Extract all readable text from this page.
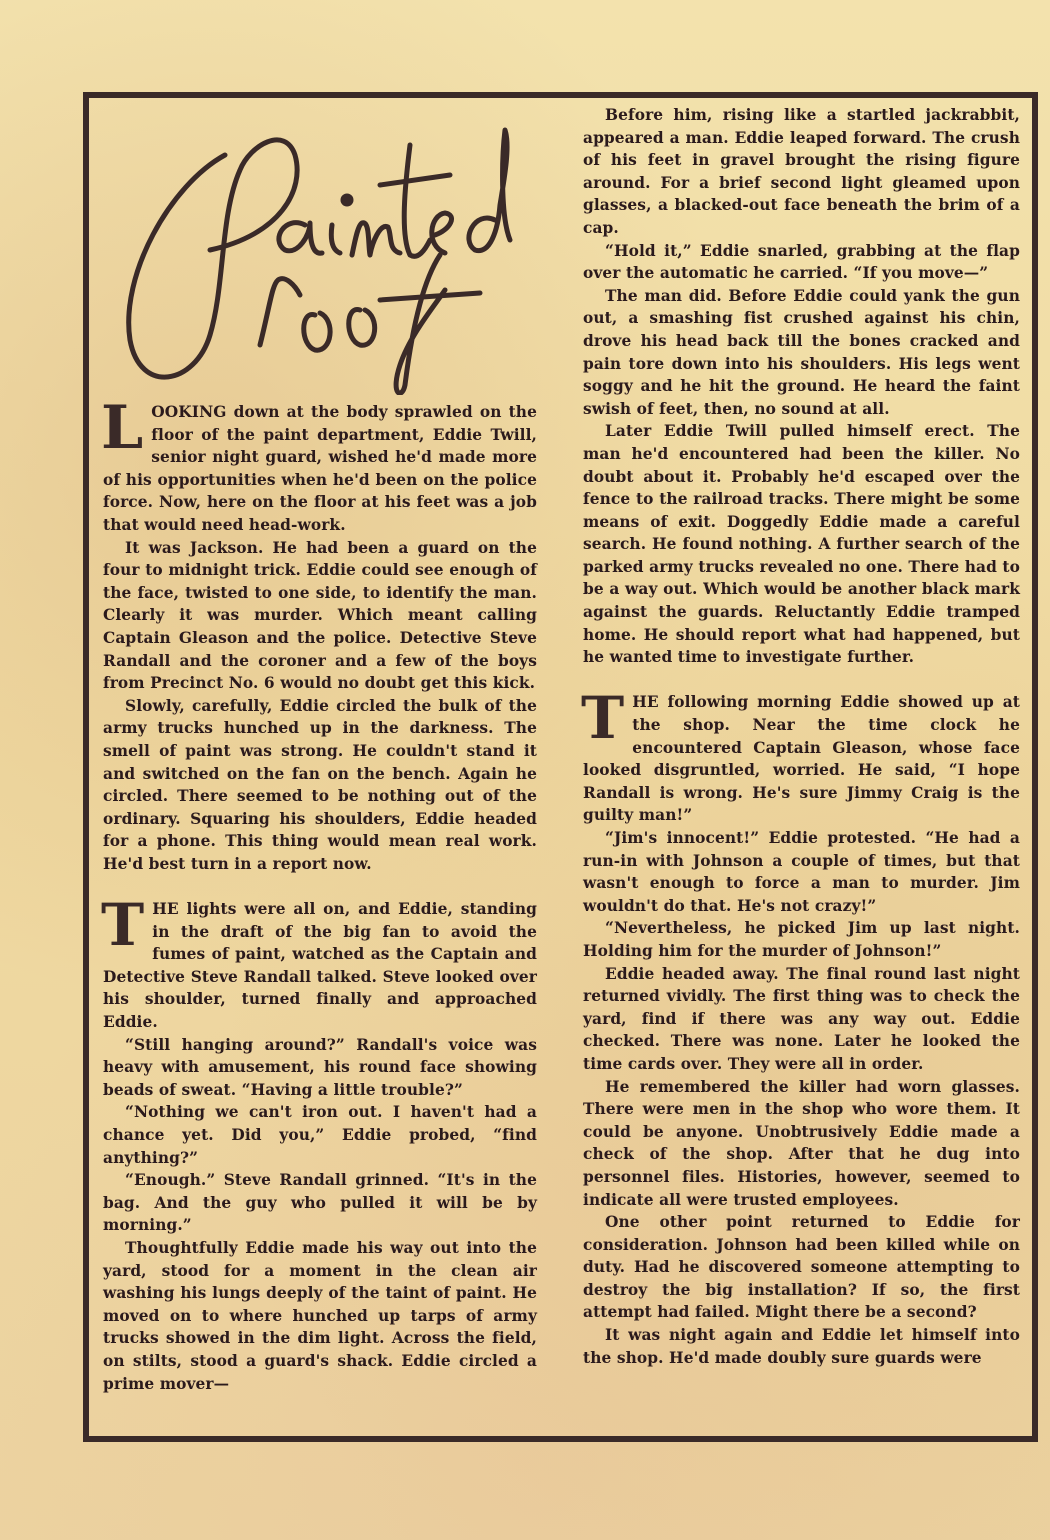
LOOKING down at the body sprawled on the floor of the paint department, Eddie Twill, senior night guard, wished he'd made more of his opportunities when he'd been on the police force. Now, here on the floor at his feet was a job that would need head-work.

It was Jackson. He had been a guard on the four to midnight trick. Eddie could see enough of the face, twisted to one side, to identify the man. Clearly it was murder. Which meant calling Captain Gleason and the police. Detective Steve Randall and the coroner and a few of the boys from Precinct No. 6 would no doubt get this kick.

Slowly, carefully, Eddie circled the bulk of the army trucks hunched up in the darkness. The smell of paint was strong. He couldn't stand it and switched on the fan on the bench. Again he circled. There seemed to be nothing out of the ordinary. Squaring his shoulders, Eddie headed for a phone. This thing would mean real work. He'd best turn in a report now.

THE lights were all on, and Eddie, standing in the draft of the big fan to avoid the fumes of paint, watched as the Captain and Detective Steve Randall talked. Steve looked over his shoulder, turned finally and approached Eddie.

“Still hanging around?” Randall's voice was heavy with amusement, his round face showing beads of sweat. “Having a little trouble?”

“Nothing we can't iron out. I haven't had a chance yet. Did you,” Eddie probed, “find anything?”

“Enough.” Steve Randall grinned. “It's in the bag. And the guy who pulled it will be by morning.”

Thoughtfully Eddie made his way out into the yard, stood for a moment in the clean air washing his lungs deeply of the taint of paint. He moved on to where hunched up tarps of army trucks showed in the dim light. Across the field, on stilts, stood a guard's shack. Eddie circled a prime mover—

Before him, rising like a startled jackrabbit, appeared a man. Eddie leaped forward. The crush of his feet in gravel brought the rising figure around. For a brief second light gleamed upon glasses, a blacked-out face beneath the brim of a cap.

“Hold it,” Eddie snarled, grabbing at the flap over the automatic he carried. “If you move—”

The man did. Before Eddie could yank the gun out, a smashing fist crushed against his chin, drove his head back till the bones cracked and pain tore down into his shoulders. His legs went soggy and he hit the ground. He heard the faint swish of feet, then, no sound at all.

Later Eddie Twill pulled himself erect. The man he'd encountered had been the killer. No doubt about it. Probably he'd escaped over the fence to the railroad tracks. There might be some means of exit. Doggedly Eddie made a careful search. He found nothing. A further search of the parked army trucks revealed no one. There had to be a way out. Which would be another black mark against the guards. Reluctantly Eddie tramped home. He should report what had happened, but he wanted time to investigate further.

THE following morning Eddie showed up at the shop. Near the time clock he encountered Captain Gleason, whose face looked disgruntled, worried. He said, “I hope Randall is wrong. He's sure Jimmy Craig is the guilty man!”

“Jim's innocent!” Eddie protested. “He had a run-in with Johnson a couple of times, but that wasn't enough to force a man to murder. Jim wouldn't do that. He's not crazy!”

“Nevertheless, he picked Jim up last night. Holding him for the murder of Johnson!”

Eddie headed away. The final round last night returned vividly. The first thing was to check the yard, find if there was any way out. Eddie checked. There was none. Later he looked the time cards over. They were all in order.

He remembered the killer had worn glasses. There were men in the shop who wore them. It could be anyone. Unobtrusively Eddie made a check of the shop. After that he dug into personnel files. Histories, however, seemed to indicate all were trusted employees.

One other point returned to Eddie for consideration. Johnson had been killed while on duty. Had he discovered someone attempting to destroy the big installation? If so, the first attempt had failed. Might there be a second?

It was night again and Eddie let himself into the shop. He'd made doubly sure guards were
